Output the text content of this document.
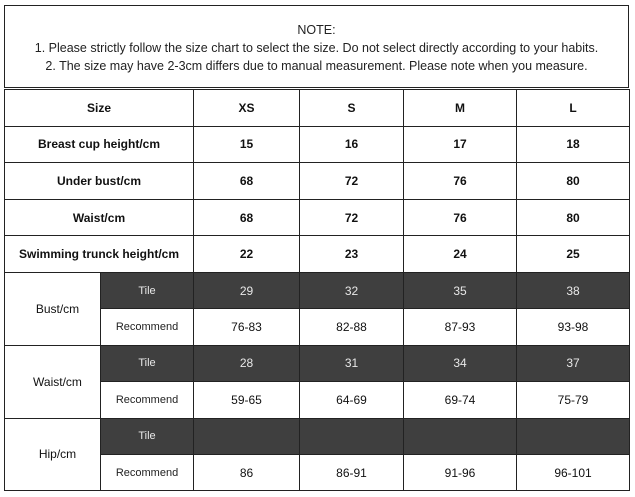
NOTE:
1. Please strictly follow the size chart to select the size. Do not select directly according to your habits.
2. The size may have 2-3cm differs due to manual measurement. Please note when you measure.
Size		XS	S	M	L
Breast cup height/cm		15	16	17	18
Under bust/cm		68	72	76	80
Waist/cm		68	72	76	80
Swimming trunck height/cm		22	23	24	25
Bust/cm	Tile	29	32	35	38
	Recommend	76-83	82-88	87-93	93-98
Waist/cm	Tile	28	31	34	37
	Recommend	59-65	64-69	69-74	75-79
Hip/cm	Tile				
	Recommend	86	86-91	91-96	96-101
